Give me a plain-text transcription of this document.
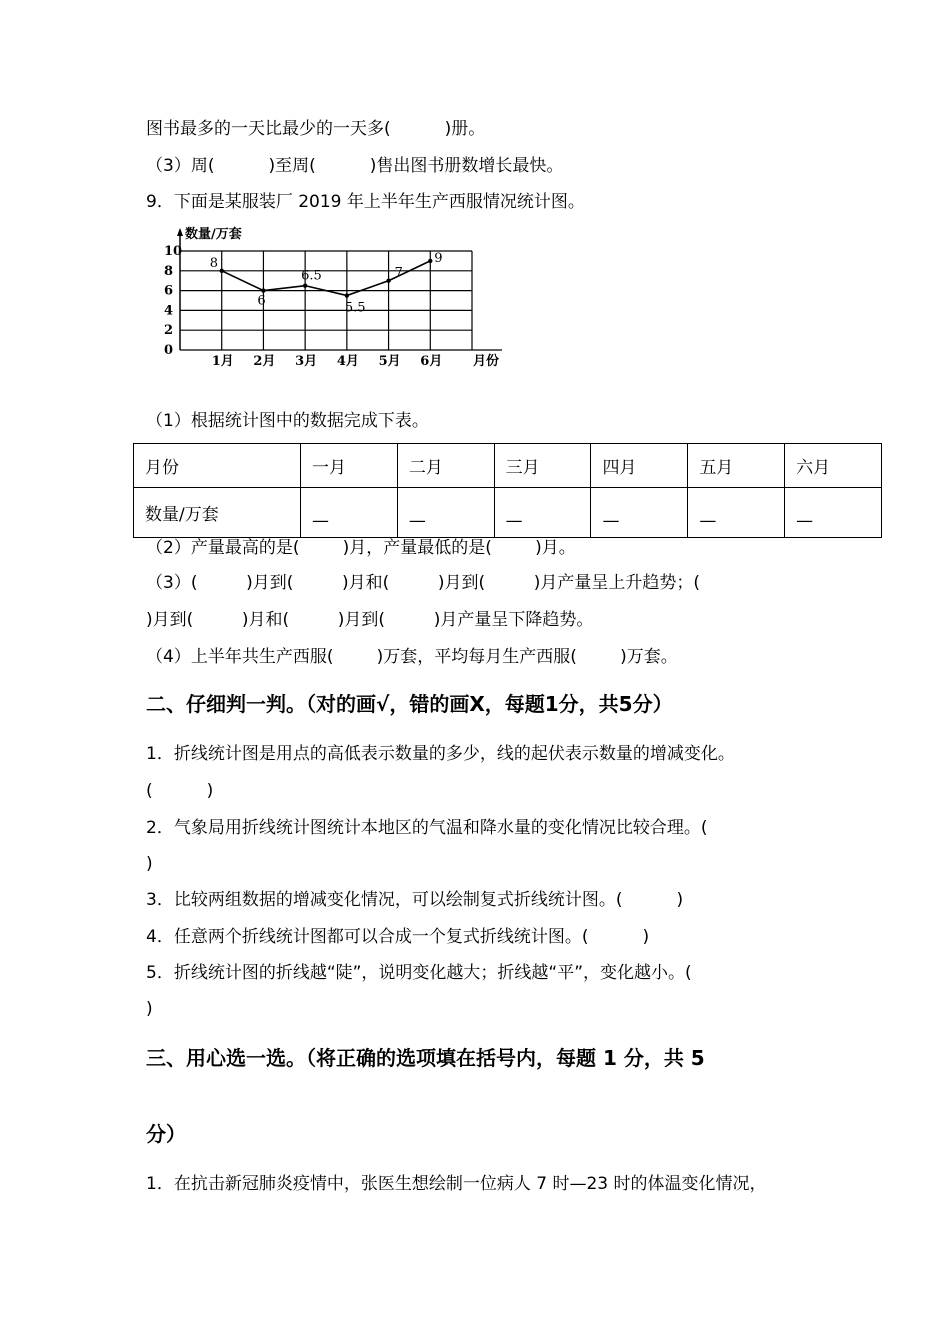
图书最多的一天比最少的一天多(          )册。
（3）周(          )至周(          )售出图书册数增长最快。
9．下面是某服装厂 2019 年上半年生产西服情况统计图。
0
2
4
6
8
10
1月 2月 3月 4月 5月 6月
8
6
6.5
5.5
7
9
数量/万套
月份
（1）根据统计图中的数据完成下表。
月份	一月	二月	三月	四月	五月	六月
数量/万套	—	—	—	—	—	—
（2）产量最高的是(        )月，产量最低的是(        )月。
（3）(         )月到(         )月和(         )月到(         )月产量呈上升趋势；(
)月到(         )月和(         )月到(         )月产量呈下降趋势。
（4）上半年共生产西服(        )万套，平均每月生产西服(        )万套。
二、仔细判一判。（对的画√，错的画X，每题1分，共5分）
1．折线统计图是用点的高低表示数量的多少，线的起伏表示数量的增减变化。
(          )
2．气象局用折线统计图统计本地区的气温和降水量的变化情况比较合理。(
)
3．比较两组数据的增减变化情况，可以绘制复式折线统计图。(          )
4．任意两个折线统计图都可以合成一个复式折线统计图。(          )
5．折线统计图的折线越“陡”，说明变化越大；折线越“平”，变化越小。(
)
三、用心选一选。（将正确的选项填在括号内，每题 1 分，共 5
分）
1．在抗击新冠肺炎疫情中，张医生想绘制一位病人 7 时—23 时的体温变化情况，
